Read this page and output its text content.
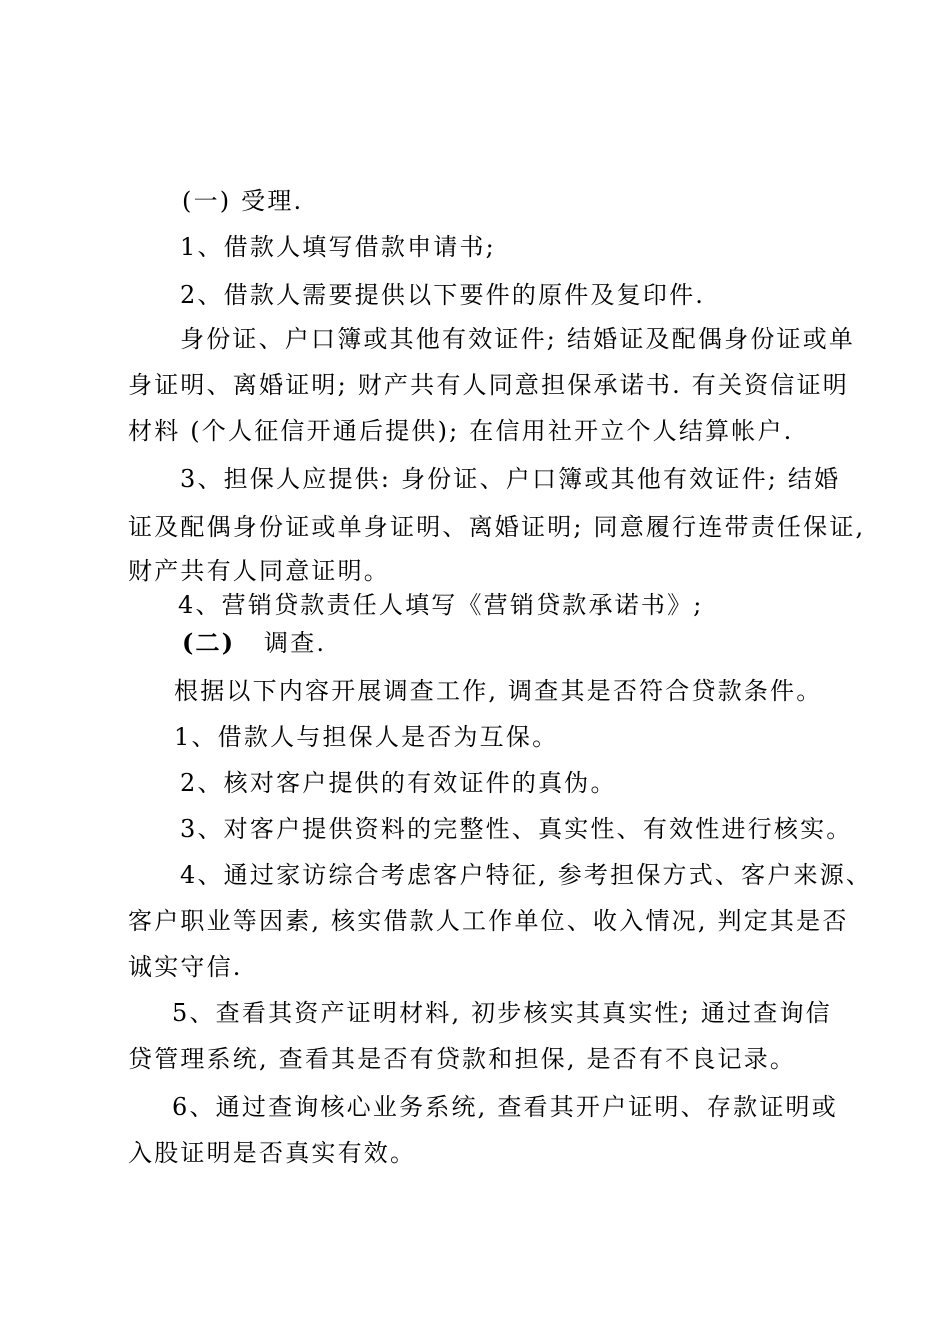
(一) 受理.
1、借款人填写借款申请书;
2、借款人需要提供以下要件的原件及复印件.
身份证、户口簿或其他有效证件; 结婚证及配偶身份证或单
身证明、离婚证明; 财产共有人同意担保承诺书. 有关资信证明
材料 (个人征信开通后提供); 在信用社开立个人结算帐户.
3、担保人应提供: 身份证、户口簿或其他有效证件; 结婚
证及配偶身份证或单身证明、离婚证明; 同意履行连带责任保证,
财产共有人同意证明。
4、营销贷款责任人填写《营销贷款承诺书》;
(二) 调查.
根据以下内容开展调查工作, 调查其是否符合贷款条件。
1、借款人与担保人是否为互保。
2、核对客户提供的有效证件的真伪。
3、对客户提供资料的完整性、真实性、有效性进行核实。
4、通过家访综合考虑客户特征, 参考担保方式、客户来源、
客户职业等因素, 核实借款人工作单位、收入情况, 判定其是否
诚实守信.
5、查看其资产证明材料, 初步核实其真实性; 通过查询信
贷管理系统, 查看其是否有贷款和担保, 是否有不良记录。
6、通过查询核心业务系统, 查看其开户证明、存款证明或
入股证明是否真实有效。
